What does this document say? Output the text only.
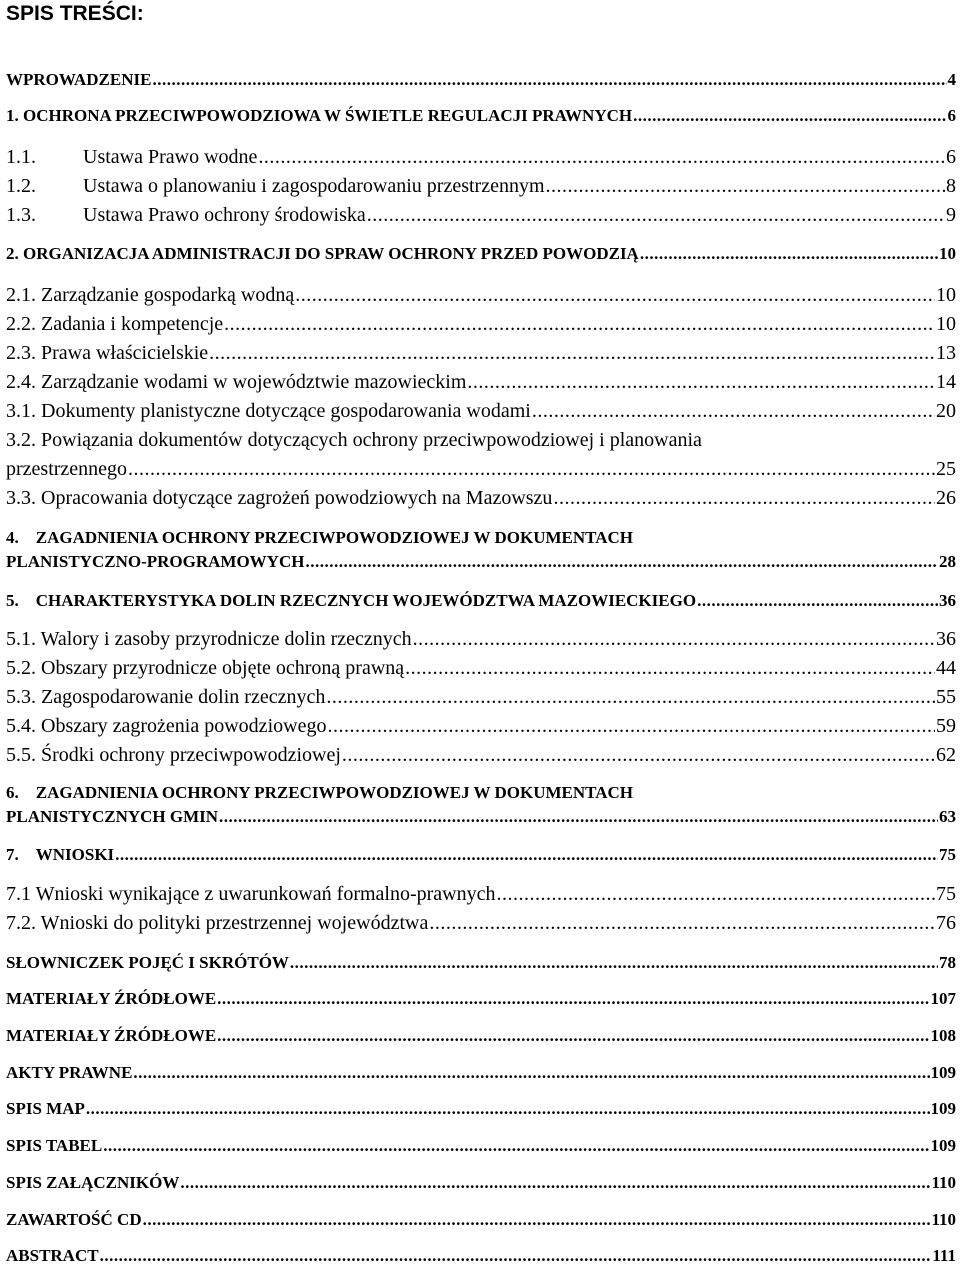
SPIS TREŚCI:
WPROWADZENIE .....	4
1. OCHRONA PRZECIWPOWODZIOWA W ŚWIETLE REGULACJI PRAWNYCH .....	6
1.1. Ustawa Prawo wodne .....	6
1.2. Ustawa o planowaniu i zagospodarowaniu przestrzennym .....	8
1.3. Ustawa Prawo ochrony środowiska .....	9
2. ORGANIZACJA ADMINISTRACJI DO SPRAW OCHRONY PRZED POWODZIĄ .....	10
2.1. Zarządzanie gospodarką wodną .....	10
2.2. Zadania i kompetencje .....	10
2.3. Prawa właścicielskie .....	13
2.4. Zarządzanie wodami w województwie mazowieckim .....	14
3.1. Dokumenty planistyczne dotyczące gospodarowania wodami .....	20
3.2. Powiązania dokumentów dotyczących ochrony przeciwpowodziowej i planowania
przestrzennego .....	25
3.3. Opracowania dotyczące zagrożeń powodziowych na Mazowszu .....	26
4. ZAGADNIENIA OCHRONY PRZECIWPOWODZIOWEJ W DOKUMENTACH
PLANISTYCZNO-PROGRAMOWYCH .....	28
5. CHARAKTERYSTYKA DOLIN RZECZNYCH WOJEWÓDZTWA MAZOWIECKIEGO .....	36
5.1. Walory i zasoby przyrodnicze dolin rzecznych .....	36
5.2. Obszary przyrodnicze objęte ochroną prawną .....	44
5.3. Zagospodarowanie dolin rzecznych .....	55
5.4. Obszary zagrożenia powodziowego .....	59
5.5. Środki ochrony przeciwpowodziowej .....	62
6. ZAGADNIENIA OCHRONY PRZECIWPOWODZIOWEJ W DOKUMENTACH
PLANISTYCZNYCH GMIN .....	63
7. WNIOSKI .....	75
7.1 Wnioski wynikające z uwarunkowań formalno-prawnych .....	75
7.2. Wnioski do polityki przestrzennej województwa .....	76
SŁOWNICZEK POJĘĆ I SKRÓTÓW .....	78
MATERIAŁY ŹRÓDŁOWE .....	107
MATERIAŁY ŹRÓDŁOWE .....	108
AKTY PRAWNE .....	109
SPIS MAP .....	109
SPIS TABEL .....	109
SPIS ZAŁĄCZNIKÓW .....	110
ZAWARTOŚĆ CD .....	110
ABSTRACT .....	111
